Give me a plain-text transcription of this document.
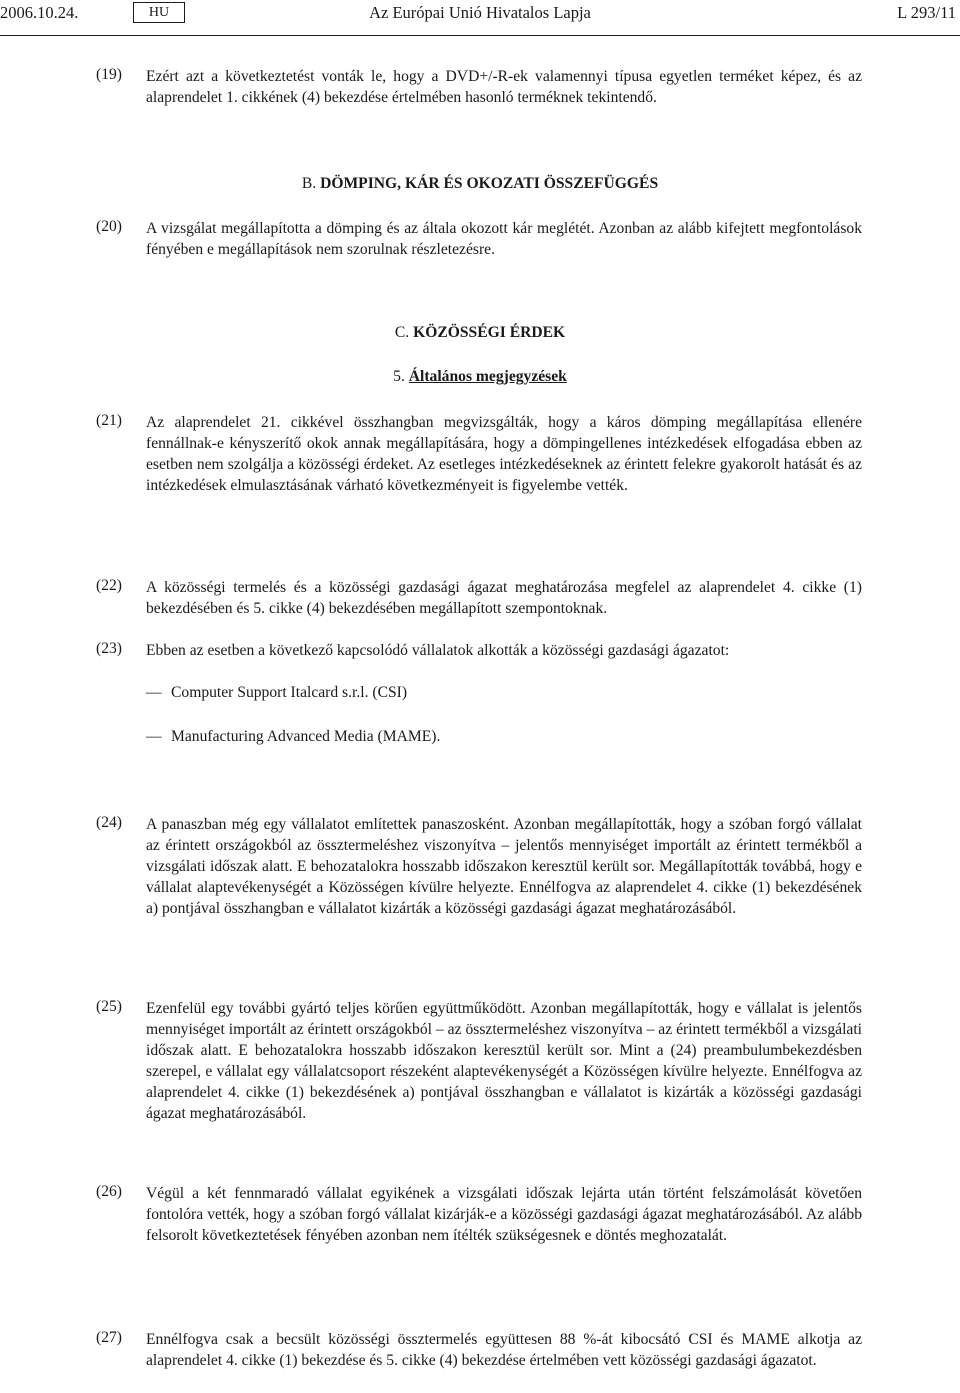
2006.10.24.	HU	Az Európai Unió Hivatalos Lapja	L 293/11
(19) Ezért azt a következtetést vonták le, hogy a DVD+/-R-ek valamennyi típusa egyetlen terméket képez, és az alaprendelet 1. cikkének (4) bekezdése értelmében hasonló terméknek tekintendő.
B. DÖMPING, KÁR ÉS OKOZATI ÖSSZEFÜGGÉS
(20) A vizsgálat megállapította a dömping és az általa okozott kár meglétét. Azonban az alább kifejtett megfontolások fényében e megállapítások nem szorulnak részletezésre.
C. KÖZÖSSÉGI ÉRDEK
5. Általános megjegyzések
(21) Az alaprendelet 21. cikkével összhangban megvizsgálták, hogy a káros dömping megállapítása ellenére fennállnak-e kényszerítő okok annak megállapítására, hogy a dömpingellenes intézkedések elfogadása ebben az esetben nem szolgálja a közösségi érdeket. Az esetleges intézkedéseknek az érintett felekre gyakorolt hatását és az intézkedések elmulasztásának várható következményeit is figyelembe vették.
(22) A közösségi termelés és a közösségi gazdasági ágazat meghatározása megfelel az alaprendelet 4. cikke (1) bekezdésében és 5. cikke (4) bekezdésében megállapított szempontoknak.
(23) Ebben az esetben a következő kapcsolódó vállalatok alkották a közösségi gazdasági ágazatot:
— Computer Support Italcard s.r.l. (CSI)
— Manufacturing Advanced Media (MAME).
(24) A panaszban még egy vállalatot említettek panaszosként. Azonban megállapították, hogy a szóban forgó vállalat az érintett országokból az össztermeléshez viszonyítva – jelentős mennyiséget importált az érintett termékből a vizsgálati időszak alatt. E behozatalokra hosszabb időszakon keresztül került sor. Megállapították továbbá, hogy e vállalat alaptevékenységét a Közösségen kívülre helyezte. Ennélfogva az alaprendelet 4. cikke (1) bekezdésének a) pontjával összhangban e vállalatot kizárták a közösségi gazdasági ágazat meghatározásából.
(25) Ezenfelül egy további gyártó teljes körűen együttműködött. Azonban megállapították, hogy e vállalat is jelentős mennyiséget importált az érintett országokból – az össztermeléshez viszonyítva – az érintett termékből a vizsgálati időszak alatt. E behozatalokra hosszabb időszakon keresztül került sor. Mint a (24) preambulumbekezdésben szerepel, e vállalat egy vállalatcsoport részeként alaptevékenységét a Közösségen kívülre helyezte. Ennélfogva az alaprendelet 4. cikke (1) bekezdésének a) pontjával összhangban e vállalatot is kizárták a közösségi gazdasági ágazat meghatározásából.
(26) Végül a két fennmaradó vállalat egyikének a vizsgálati időszak lejárta után történt felszámolását követően fontolóra vették, hogy a szóban forgó vállalat kizárják-e a közösségi gazdasági ágazat meghatározásából. Az alább felsorolt következtetések fényében azonban nem ítélték szükségesnek e döntés meghozatalát.
(27) Ennélfogva csak a becsült közösségi össztermelés együttesen 88 %-át kibocsátó CSI és MAME alkotja az alaprendelet 4. cikke (1) bekezdése és 5. cikke (4) bekezdése értelmében vett közösségi gazdasági ágazatot.
